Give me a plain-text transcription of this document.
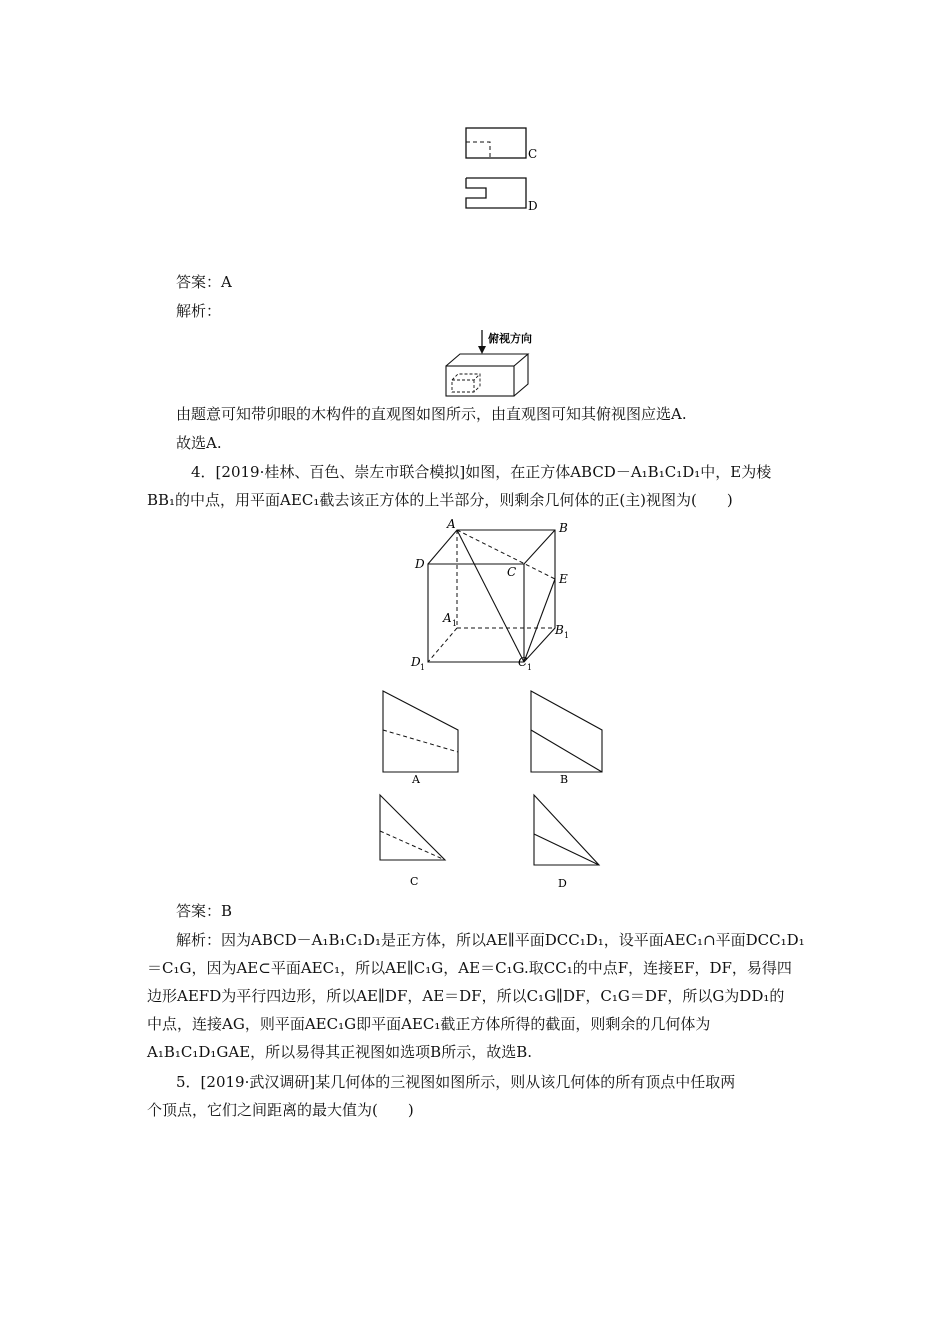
C
D
答案：A
解析：
俯视方向
由题意可知带卯眼的木构件的直观图如图所示，由直观图可知其俯视图应选A.
故选A.
4．[2019·桂林、百色、崇左市联合模拟]如图，在正方体ABCD－A₁B₁C₁D₁中，E为棱
BB₁的中点，用平面AEC₁截去该正方体的上半部分，则剩余几何体的正(主)视图为(　　)
A	B
C
D
E
A 1	B 1
C 1
D 1
A	B
C	D
答案：B
解析：因为ABCD－A₁B₁C₁D₁是正方体，所以AE∥平面DCC₁D₁，设平面AEC₁∩平面DCC₁D₁
＝C₁G，因为AE⊂平面AEC₁，所以AE∥C₁G，AE＝C₁G.取CC₁的中点F，连接EF，DF，易得四
边形AEFD为平行四边形，所以AE∥DF，AE＝DF，所以C₁G∥DF，C₁G＝DF，所以G为DD₁的
中点，连接AG，则平面AEC₁G即平面AEC₁截正方体所得的截面，则剩余的几何体为
A₁B₁C₁D₁GAE，所以易得其正视图如选项B所示，故选B.
5．[2019·武汉调研]某几何体的三视图如图所示，则从该几何体的所有顶点中任取两
个顶点，它们之间距离的最大值为(　　)
